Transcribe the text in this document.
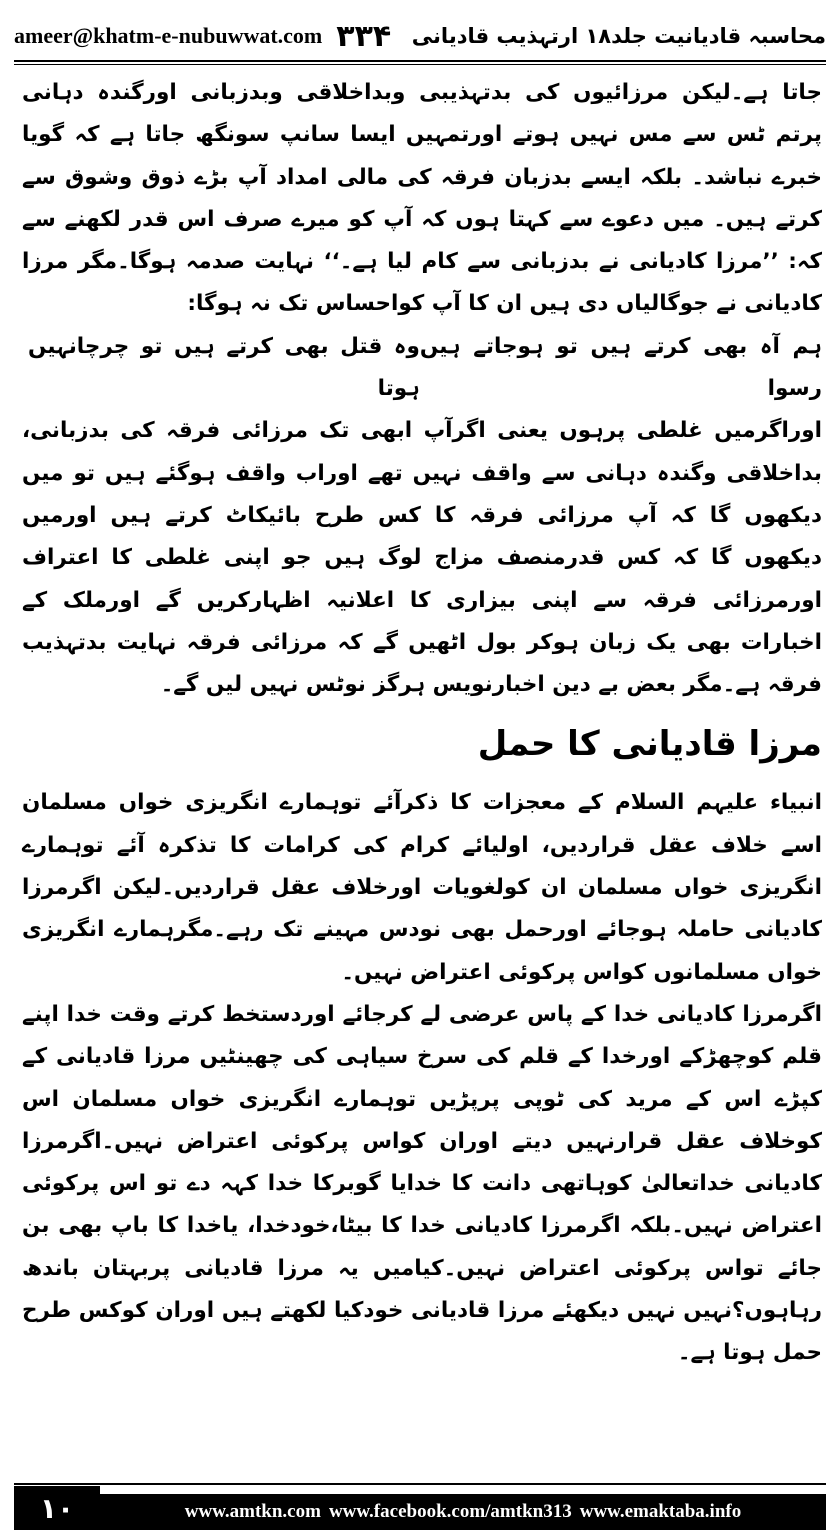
ameer@khatm-e-nubuwwat.com ۳۳۴ محاسبہ قادیانیت جلد۱۸ ارتہذیب قادیانی

جاتا ہے۔لیکن مرزائیوں کی بدتہذیبی وبداخلاقی وبدزبانی اورگندہ دہانی پرتم ٹس سے مس نہیں ہوتے اورتمہیں ایسا سانپ سونگھ جاتا ہے کہ گویا خبرے نباشد۔ بلکہ ایسے بدزبان فرقہ کی مالی امداد آپ بڑے ذوق وشوق سے کرتے ہیں۔ میں دعوے سے کہتا ہوں کہ آپ کو میرے صرف اس قدر لکھنے سے کہ: ’’مرزا کادیانی نے بدزبانی سے کام لیا ہے۔‘‘ نہایت صدمہ ہوگا۔مگر مرزا کادیانی نے جوگالیاں دی ہیں ان کا آپ کواحساس تک نہ ہوگا:

ہم آہ بھی کرتے ہیں تو ہوجاتے ہیں رسوا
وہ قتل بھی کرتے ہیں تو چرچانہیں ہوتا

اوراگرمیں غلطی پرہوں یعنی اگرآپ ابھی تک مرزائی فرقہ کی بدزبانی، بداخلاقی وگندہ دہانی سے واقف نہیں تھے اوراب واقف ہوگئے ہیں تو میں دیکھوں گا کہ آپ مرزائی فرقہ کا کس طرح بائیکاٹ کرتے ہیں اورمیں دیکھوں گا کہ کس قدرمنصف مزاج لوگ ہیں جو اپنی غلطی کا اعتراف اورمرزائی فرقہ سے اپنی بیزاری کا اعلانیہ اظہارکریں گے اورملک کے اخبارات بھی یک زبان ہوکر بول اٹھیں گے کہ مرزائی فرقہ نہایت بدتہذیب فرقہ ہے۔مگر بعض بے دین اخبارنویس ہرگز نوٹس نہیں لیں گے۔

مرزا قادیانی کا حمل

انبیاء علیہم السلام کے معجزات کا ذکرآئے توہمارے انگریزی خواں مسلمان اسے خلاف عقل قراردیں، اولیائے کرام کی کرامات کا تذکرہ آئے توہمارے انگریزی خواں مسلمان ان کولغویات اورخلاف عقل قراردیں۔لیکن اگرمرزا کادیانی حاملہ ہوجائے اورحمل بھی نودس مہینے تک رہے۔مگرہمارے انگریزی خواں مسلمانوں کواس پرکوئی اعتراض نہیں۔

اگرمرزا کادیانی خدا کے پاس عرضی لے کرجائے اوردستخط کرتے وقت خدا اپنے قلم کوچھڑکے اورخدا کے قلم کی سرخ سیاہی کی چھینٹیں مرزا قادیانی کے کپڑے اس کے مرید کی ٹوپی پرپڑیں توہمارے انگریزی خواں مسلمان اس کوخلاف عقل قرارنہیں دیتے اوران کواس پرکوئی اعتراض نہیں۔اگرمرزا کادیانی خداتعالیٰ کوہاتھی دانت کا خدایا گوبرکا خدا کہہ دے تو اس پرکوئی اعتراض نہیں۔بلکہ اگرمرزا کادیانی خدا کا بیٹا،خودخدا، یاخدا کا باپ بھی بن جائے تواس پرکوئی اعتراض نہیں۔کیامیں یہ مرزا قادیانی پربہتان باندھ رہاہوں؟نہیں نہیں دیکھئے مرزا قادیانی خودکیا لکھتے ہیں اوران کوکس طرح حمل ہوتا ہے۔

۱۰	www.amtkn.com www.facebook.com/amtkn313 www.emaktaba.info
